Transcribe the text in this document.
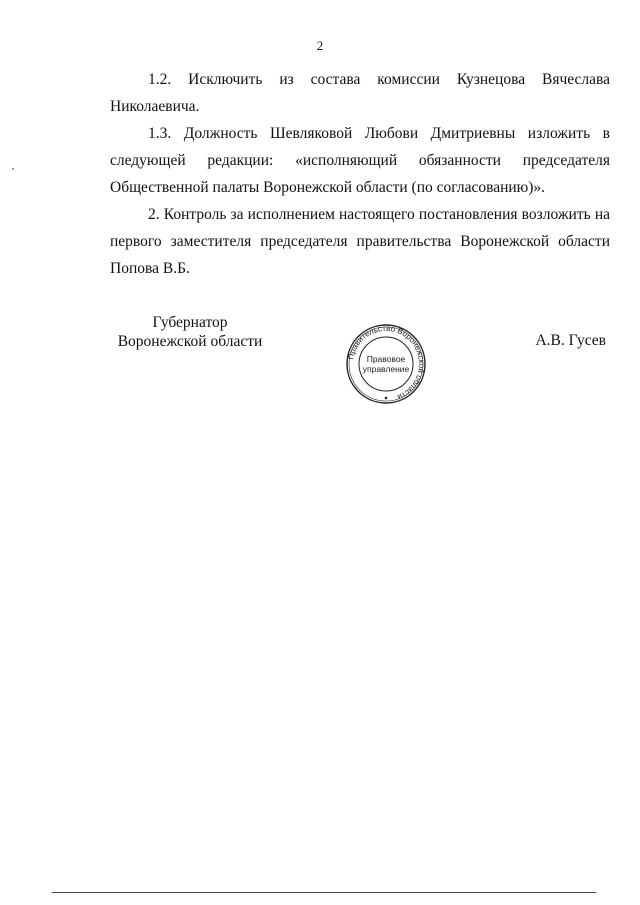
2

1.2. Исключить из состава комиссии Кузнецова Вячеслава Николаевича.

1.3. Должность Шевляковой Любови Дмитриевны изложить в следующей редакции: «исполняющий обязанности председателя Общественной палаты Воронежской области (по согласованию)».

2. Контроль за исполнением настоящего постановления возложить на первого заместителя председателя правительства Воронежской области Попова В.Б.

Губернатор
Воронежской области
Правительство Воронежской области
Правовое
управление
А.В. Гусев
